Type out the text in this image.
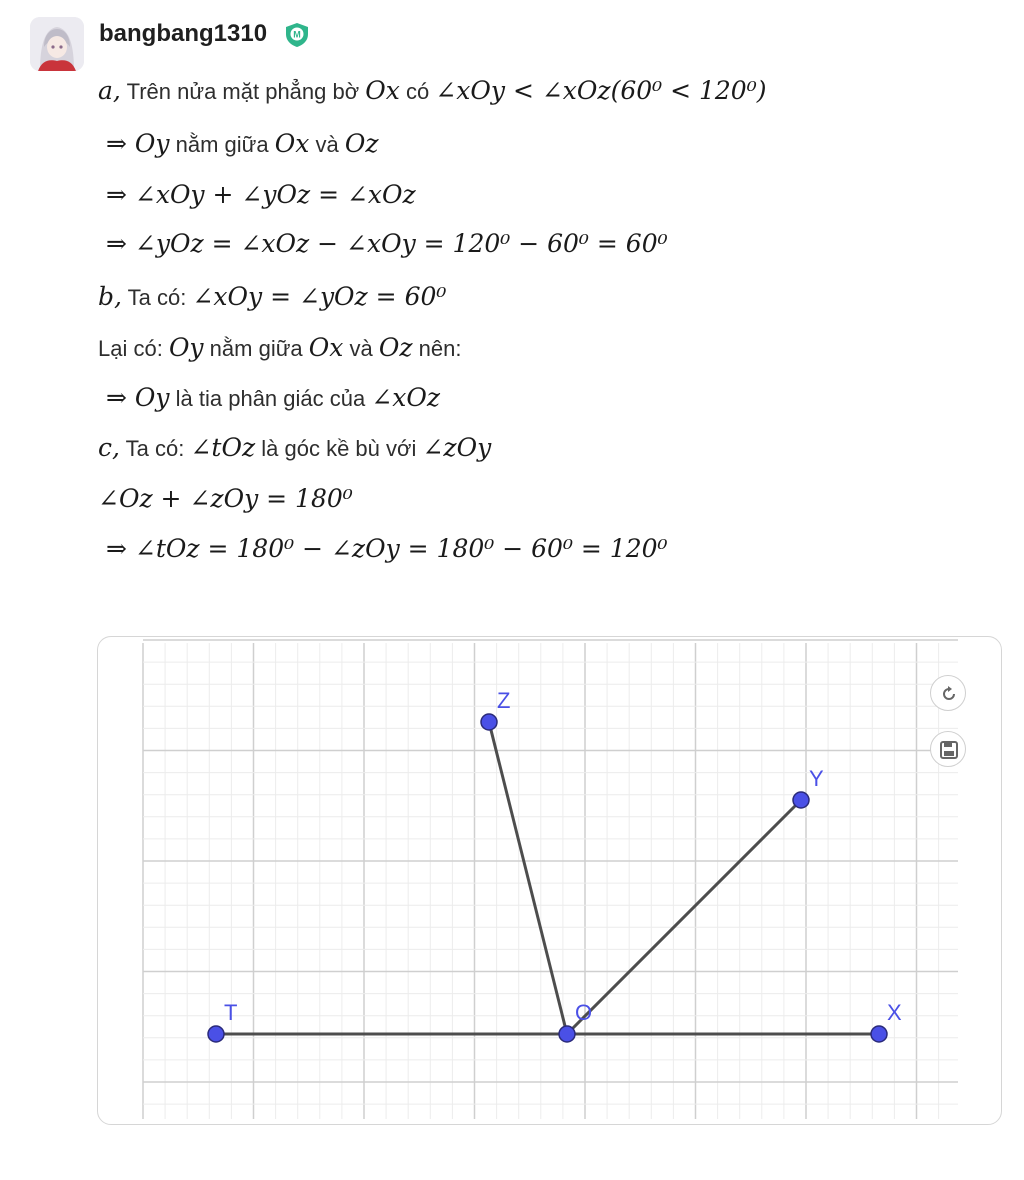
bangbang1310	M
a, Trên nửa mặt phẳng bờ Ox có ∠xOy < ∠xOz(60⁰ < 120⁰)
⇒ Oy nằm giữa Ox và Oz
⇒ ∠xOy + ∠yOz = ∠xOz
⇒ ∠yOz = ∠xOz − ∠xOy = 120⁰ − 60⁰ = 60⁰
b, Ta có: ∠xOy = ∠yOz = 60⁰
Lại có: Oy nằm giữa Ox và Oz nên:
⇒ Oy là tia phân giác của ∠xOz
c, Ta có: ∠tOz là góc kề bù với ∠zOy
∠Oz + ∠zOy = 180⁰
⇒ ∠tOz = 180⁰ − ∠zOy = 180⁰ − 60⁰ = 120⁰
Z
Y
T	O	X
